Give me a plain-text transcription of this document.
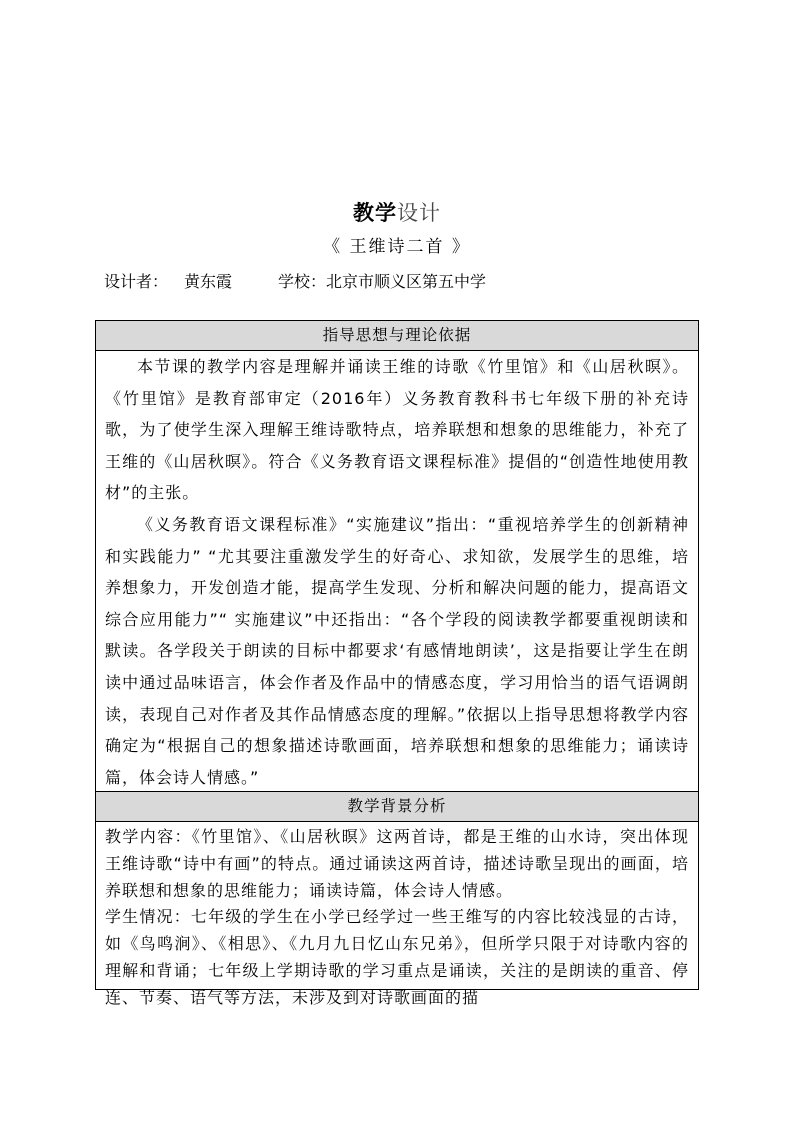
教学设计
《 王维诗二首 》
设计者： 黄东霞	学校：北京市顺义区第五中学
指导思想与理论依据

本节课的教学内容是理解并诵读王维的诗歌《竹里馆》和《山居秋暝》。《竹里馆》是教育部审定（2016年）义务教育教科书七年级下册的补充诗歌，为了使学生深入理解王维诗歌特点，培养联想和想象的思维能力，补充了王维的《山居秋暝》。符合《义务教育语文课程标准》提倡的“创造性地使用教材”的主张。

《义务教育语文课程标准》“实施建议”指出：“重视培养学生的创新精神和实践能力” “尤其要注重激发学生的好奇心、求知欲，发展学生的思维，培养想象力，开发创造才能，提高学生发现、分析和解决问题的能力，提高语文综合应用能力”“ 实施建议”中还指出：“各个学段的阅读教学都要重视朗读和默读。各学段关于朗读的目标中都要求‘有感情地朗读’，这是指要让学生在朗读中通过品味语言，体会作者及作品中的情感态度，学习用恰当的语气语调朗读，表现自己对作者及其作品情感态度的理解。”依据以上指导思想将教学内容确定为“根据自己的想象描述诗歌画面，培养联想和想象的思维能力；诵读诗篇，体会诗人情感。”

教学背景分析

教学内容：《竹里馆》、《山居秋暝》这两首诗，都是王维的山水诗，突出体现王维诗歌“诗中有画”的特点。通过诵读这两首诗，描述诗歌呈现出的画面，培养联想和想象的思维能力；诵读诗篇，体会诗人情感。

学生情况：七年级的学生在小学已经学过一些王维写的内容比较浅显的古诗，如《鸟鸣涧》、《相思》、《九月九日忆山东兄弟》，但所学只限于对诗歌内容的理解和背诵；七年级上学期诗歌的学习重点是诵读，关注的是朗读的重音、停连、节奏、语气等方法，未涉及到对诗歌画面的描
